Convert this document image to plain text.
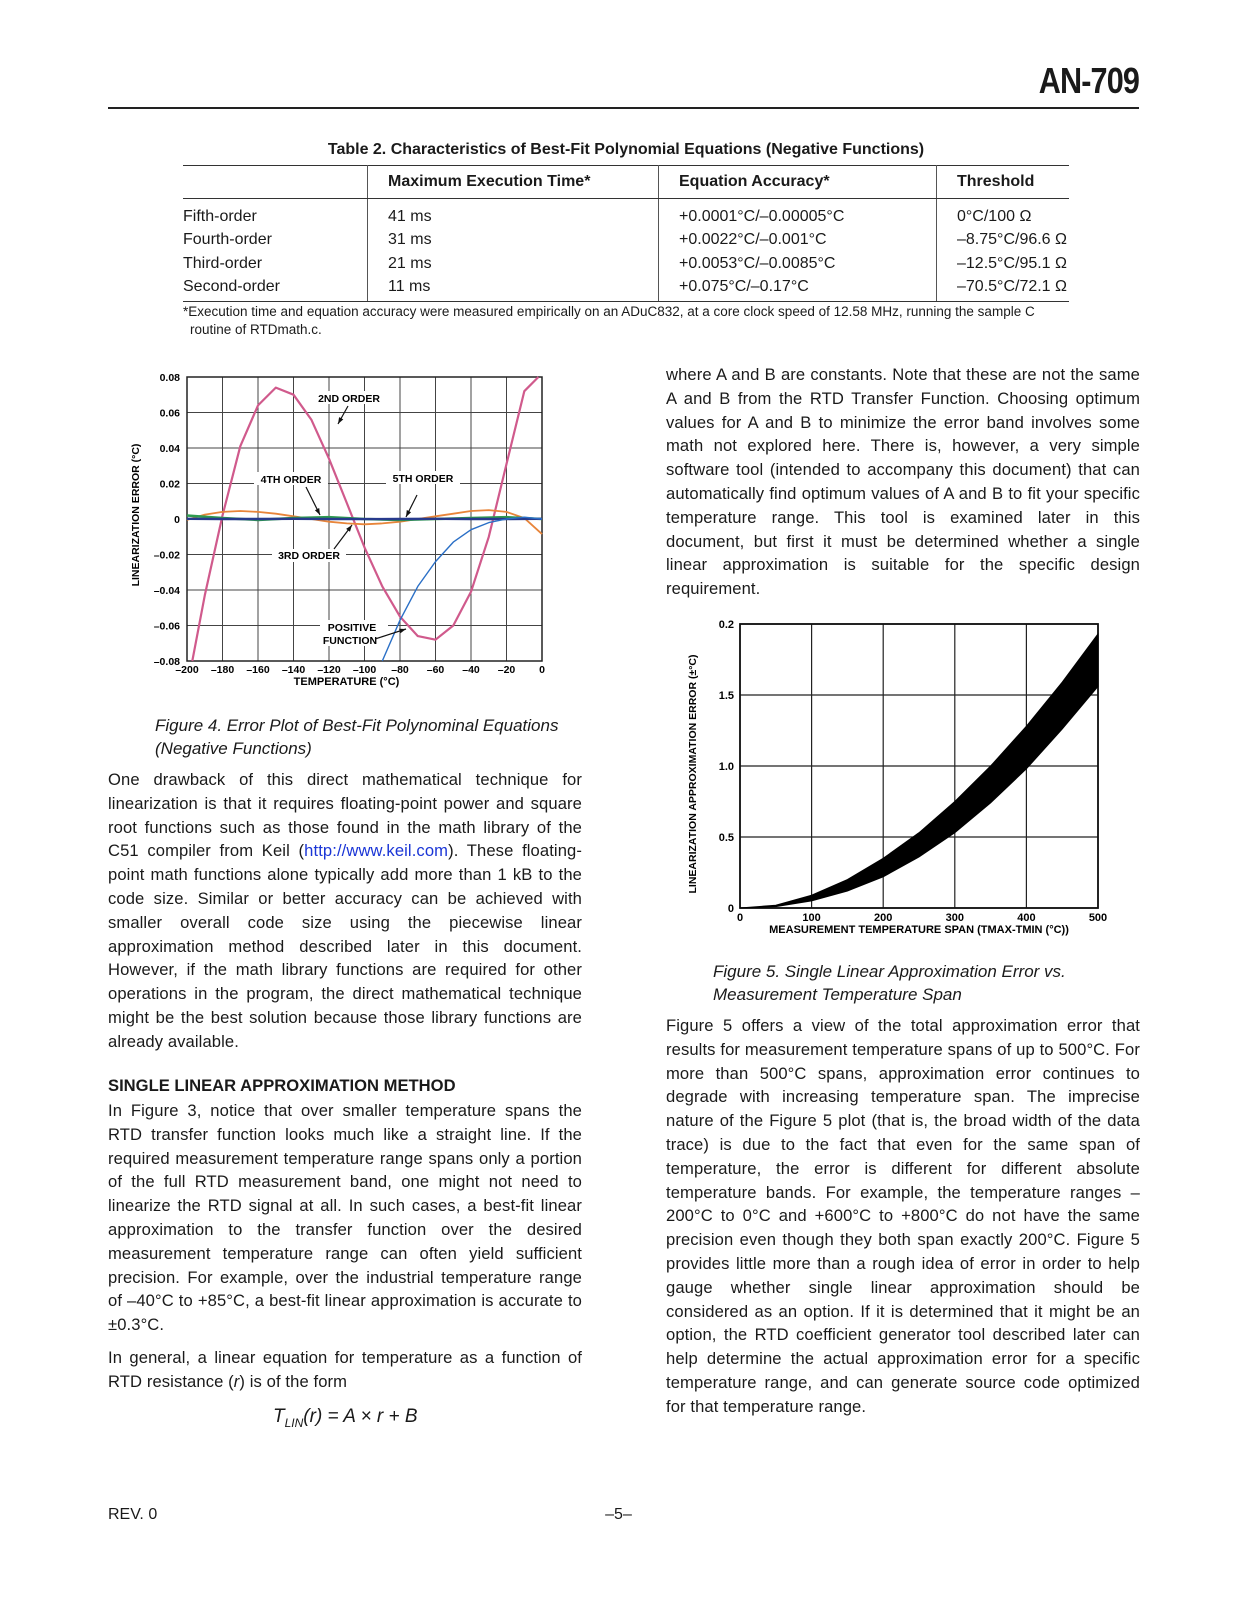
AN-709
Table 2. Characteristics of Best-Fit Polynomial Equations (Negative Functions)
	Maximum Execution Time*	Equation Accuracy*	Threshold
Fifth-order	41 ms	+0.0001°C/–0.00005°C	0°C/100 Ω
Fourth-order	31 ms	+0.0022°C/–0.001°C	–8.75°C/96.6 Ω
Third-order	21 ms	+0.0053°C/–0.0085°C	–12.5°C/95.1 Ω
Second-order	11 ms	+0.075°C/–0.17°C	–70.5°C/72.1 Ω
*Execution time and equation accuracy were measured empirically on an ADuC832, at a core clock speed of 12.58 MHz, running the sample C routine of RTDmath.c.
–200 –180 –160 –140 –120 –100 –80 –60 –40 –20 0
0.08
0.06
0.04
0.02
0
–0.02
–0.04
–0.06
–0.08
TEMPERATURE (°C)
LINEARIZATION ERROR (°C)
2ND ORDER
4TH ORDER	5TH ORDER
3RD ORDER
POSITIVE
FUNCTION
Figure 4. Error Plot of Best-Fit Polynominal Equations (Negative Functions)
One drawback of this direct mathematical technique for linearization is that it requires floating-point power and square root functions such as those found in the math library of the C51 compiler from Keil (http://www.keil.com). These floating-point math functions alone typically add more than 1 kB to the code size. Similar or better accuracy can be achieved with smaller overall code size using the piecewise linear approximation method described later in this document. However, if the math library functions are required for other operations in the program, the direct mathematical technique might be the best solution because those library functions are already available.
SINGLE LINEAR APPROXIMATION METHOD
In Figure 3, notice that over smaller temperature spans the RTD transfer function looks much like a straight line. If the required measurement temperature range spans only a portion of the full RTD measurement band, one might not need to linearize the RTD signal at all. In such cases, a best-fit linear approximation to the transfer function over the desired measurement temperature range can often yield sufficient precision. For example, over the industrial temperature range of –40°C to +85°C, a best-fit linear approximation is accurate to ±0.3°C.
In general, a linear equation for temperature as a function of RTD resistance (r) is of the form
$T_{LIN}(r) = A \times r + B$
where A and B are constants. Note that these are not the same A and B from the RTD Transfer Function. Choosing optimum values for A and B to minimize the error band involves some math not explored here. There is, however, a very simple software tool (intended to accompany this document) that can automatically find optimum values of A and B to fit your specific temperature range. This tool is examined later in this document, but first it must be determined whether a single linear approximation is suitable for the specific design requirement.
0	100	200	300	400	500
0.2
1.5
1.0
0.5
0
MEASUREMENT TEMPERATURE SPAN (TMAX-TMIN (°C))
LINEARIZATION APPROXIMATION ERROR (±°C)
Figure 5. Single Linear Approximation Error vs. Measurement Temperature Span
Figure 5 offers a view of the total approximation error that results for measurement temperature spans of up to 500°C. For more than 500°C spans, approximation error continues to degrade with increasing temperature span. The imprecise nature of the Figure 5 plot (that is, the broad width of the data trace) is due to the fact that even for the same span of temperature, the error is different for different absolute temperature bands. For example, the temperature ranges –200°C to 0°C and +600°C to +800°C do not have the same precision even though they both span exactly 200°C. Figure 5 provides little more than a rough idea of error in order to help gauge whether single linear approximation should be considered as an option. If it is determined that it might be an option, the RTD coefficient generator tool described later can help determine the actual approximation error for a specific temperature range, and can generate source code optimized for that temperature range.
REV. 0	–5–
